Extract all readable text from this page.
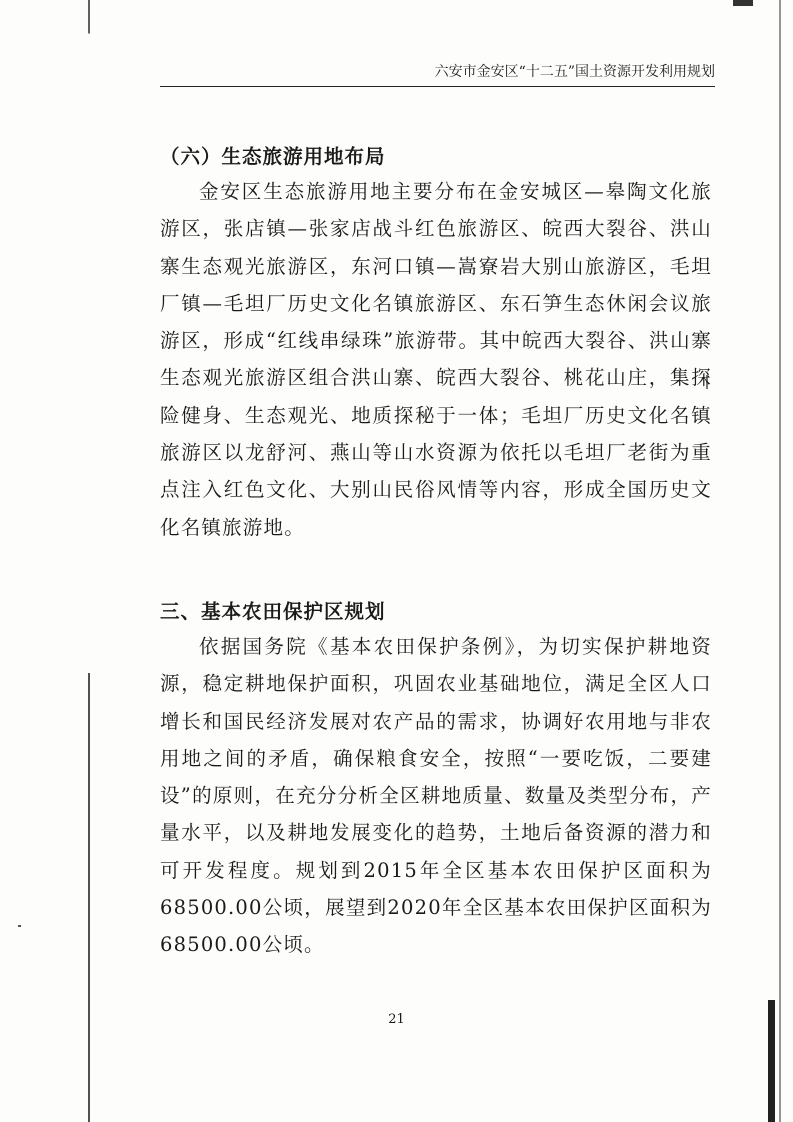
六安市金安区“十二五”国土资源开发利用规划
（六）生态旅游用地布局

金安区生态旅游用地主要分布在金安城区—皋陶文化旅游区，张店镇—张家店战斗红色旅游区、皖西大裂谷、洪山寨生态观光旅游区，东河口镇—嵩寮岩大别山旅游区，毛坦厂镇—毛坦厂历史文化名镇旅游区、东石笋生态休闲会议旅游区，形成“红线串绿珠”旅游带。其中皖西大裂谷、洪山寨生态观光旅游区组合洪山寨、皖西大裂谷、桃花山庄，集探险健身、生态观光、地质探秘于一体；毛坦厂历史文化名镇旅游区以龙舒河、燕山等山水资源为依托以毛坦厂老街为重点注入红色文化、大别山民俗风情等内容，形成全国历史文化名镇旅游地。

三、基本农田保护区规划

依据国务院《基本农田保护条例》，为切实保护耕地资源，稳定耕地保护面积，巩固农业基础地位，满足全区人口增长和国民经济发展对农产品的需求，协调好农用地与非农用地之间的矛盾，确保粮食安全，按照“一要吃饭，二要建设”的原则，在充分分析全区耕地质量、数量及类型分布，产量水平，以及耕地发展变化的趋势，土地后备资源的潜力和可开发程度。规划到2015年全区基本农田保护区面积为68500.00公顷，展望到2020年全区基本农田保护区面积为68500.00公顷。

21
